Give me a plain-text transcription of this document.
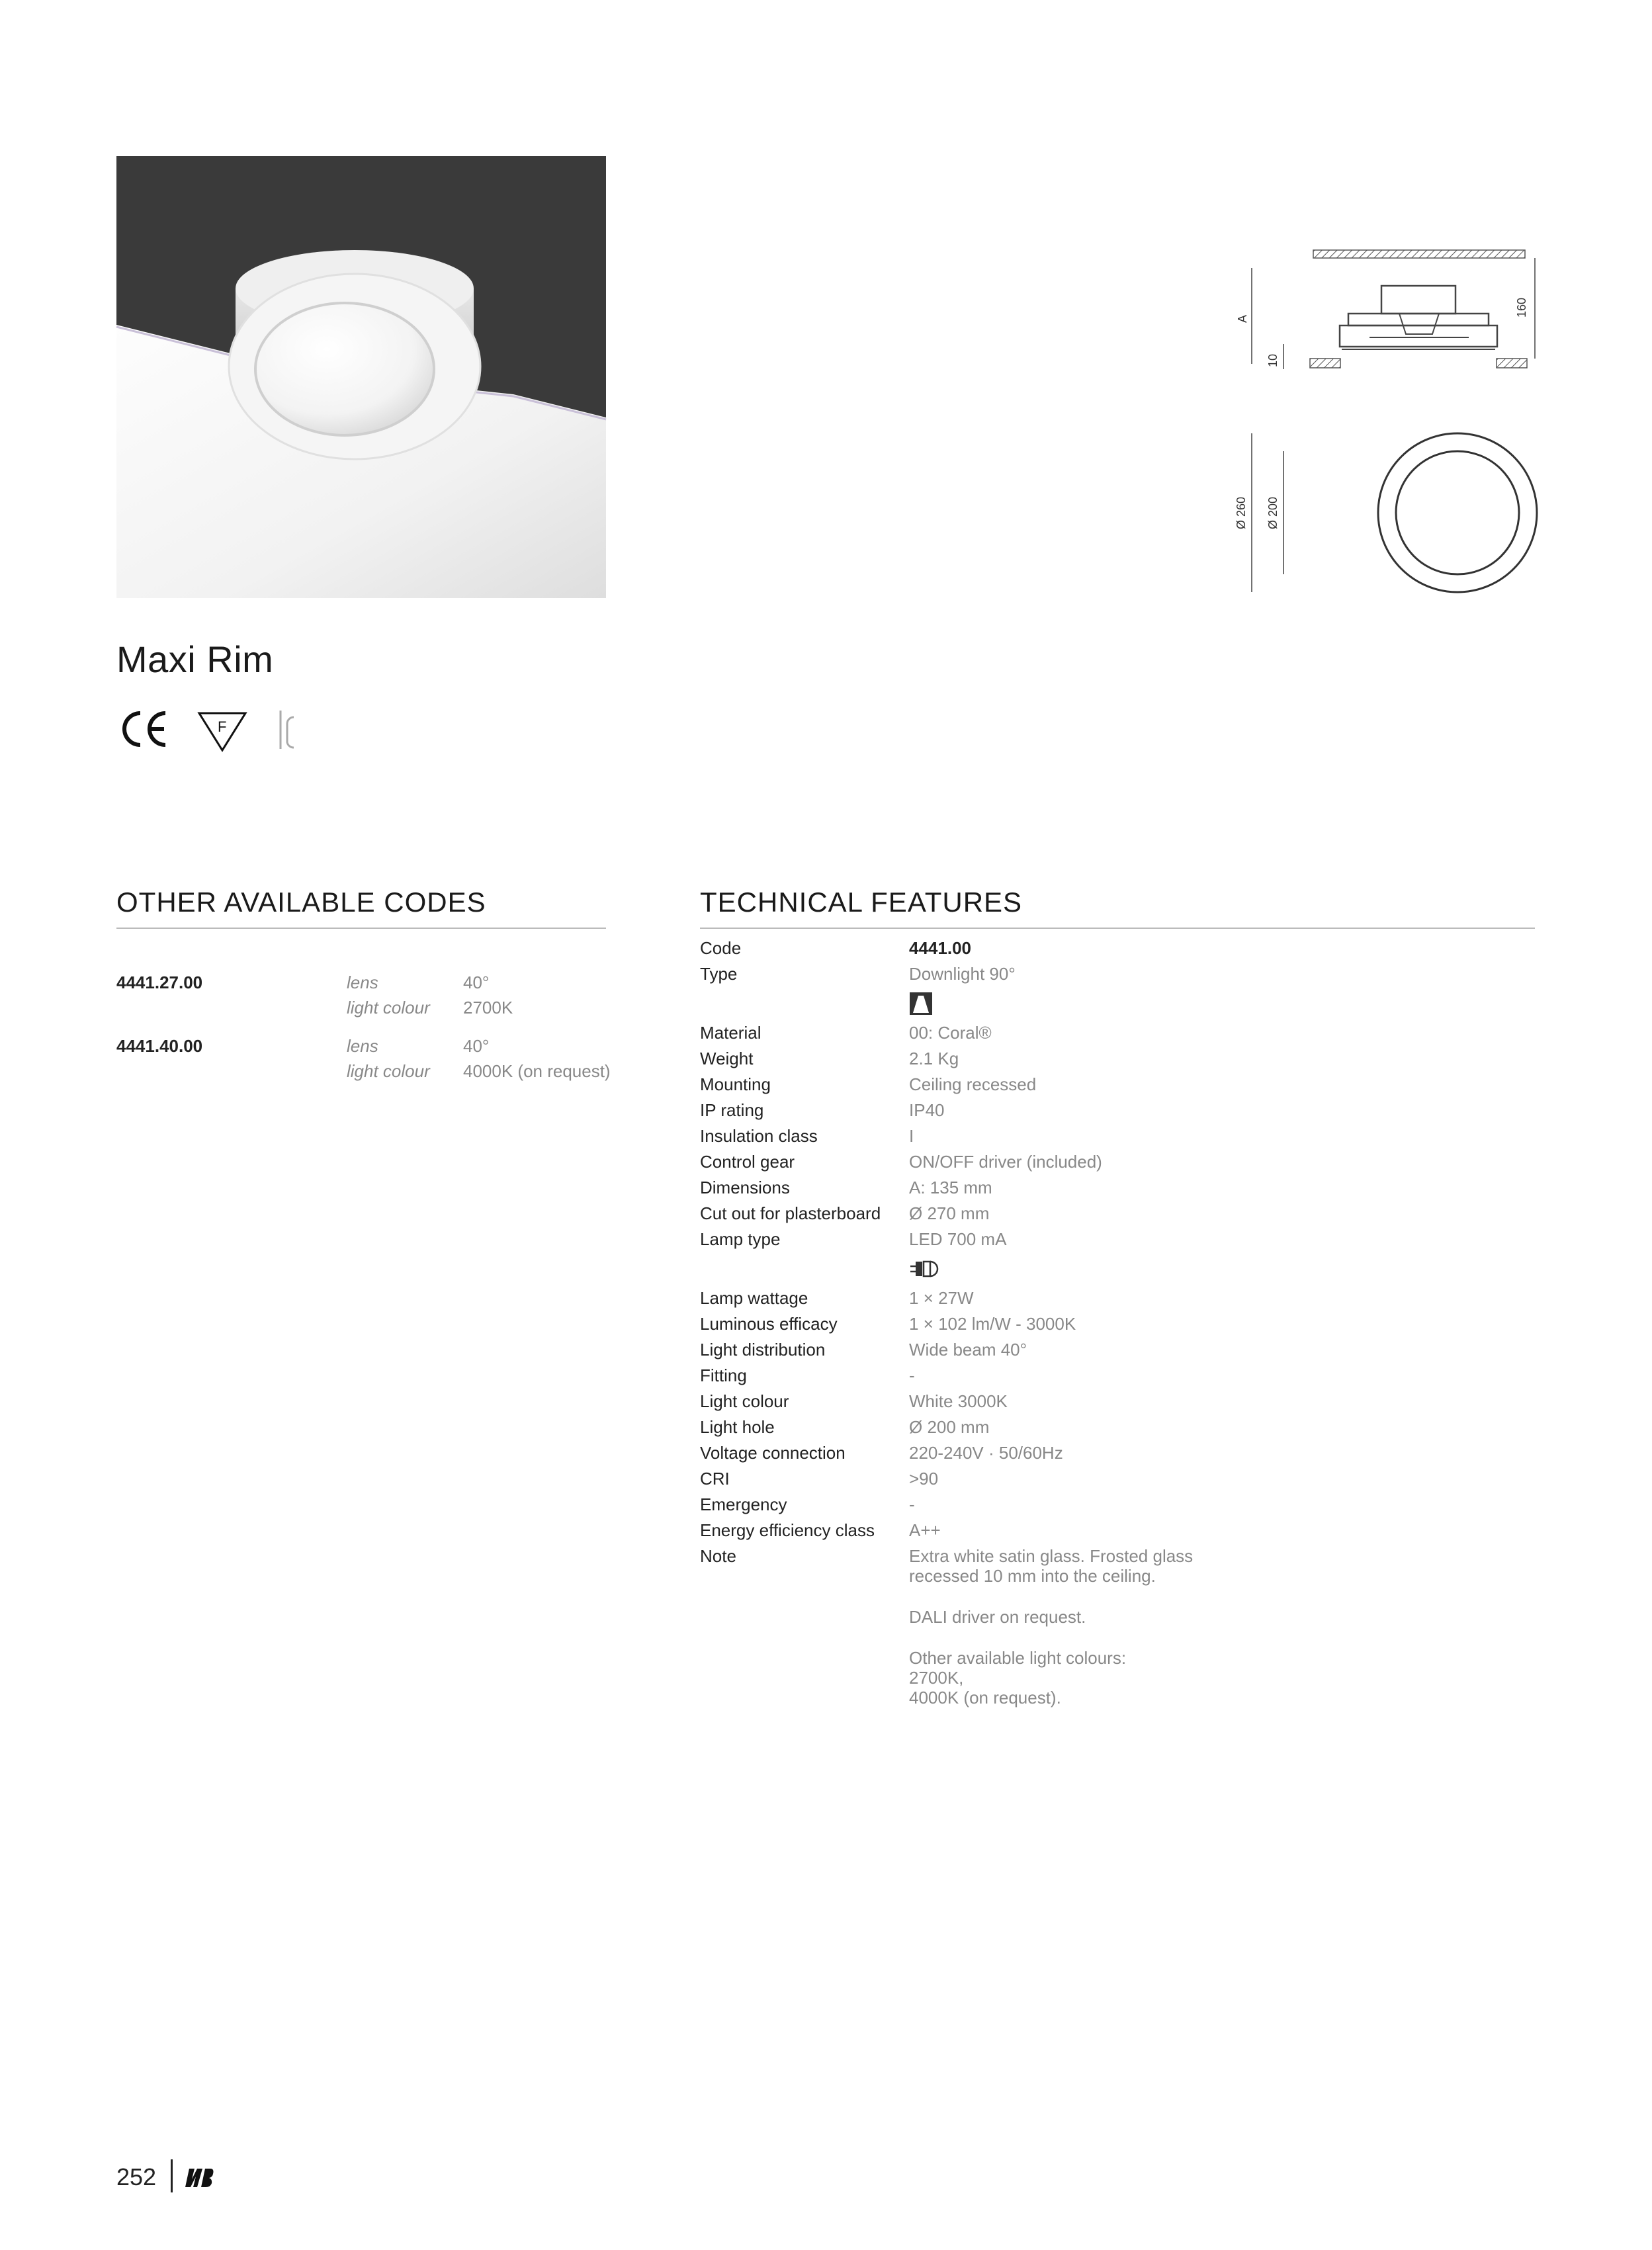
A
10
160
Ø 260 Ø 200
Maxi Rim
F
OTHER AVAILABLE CODES
4441.27.00	lens	40°
light colour 2700K
4441.40.00	lens	40°
light colour 4000K (on request)
TECHNICAL FEATURES
Code	4441.00
Type	Downlight 90°
Material	00: Coral®
Weight	2.1 Kg
Mounting	Ceiling recessed
IP rating	IP40
Insulation class	I
Control gear	ON/OFF driver (included)
Dimensions	A: 135 mm
Cut out for plasterboard	Ø 270 mm
Lamp type	LED 700 mA
Lamp wattage	1 × 27W
Luminous efficacy	1 × 102 lm/W - 3000K
Light distribution	Wide beam 40°
Fitting	-
Light colour	White 3000K
Light hole	Ø 200 mm
Voltage connection	220-240V · 50/60Hz
CRI	>90
Emergency	-
Energy efficiency class	A++
Note	Extra white satin glass. Frosted glass
recessed 10 mm into the ceiling.
DALI driver on request.
Other available light colours:
2700K,
4000K (on request).
252
